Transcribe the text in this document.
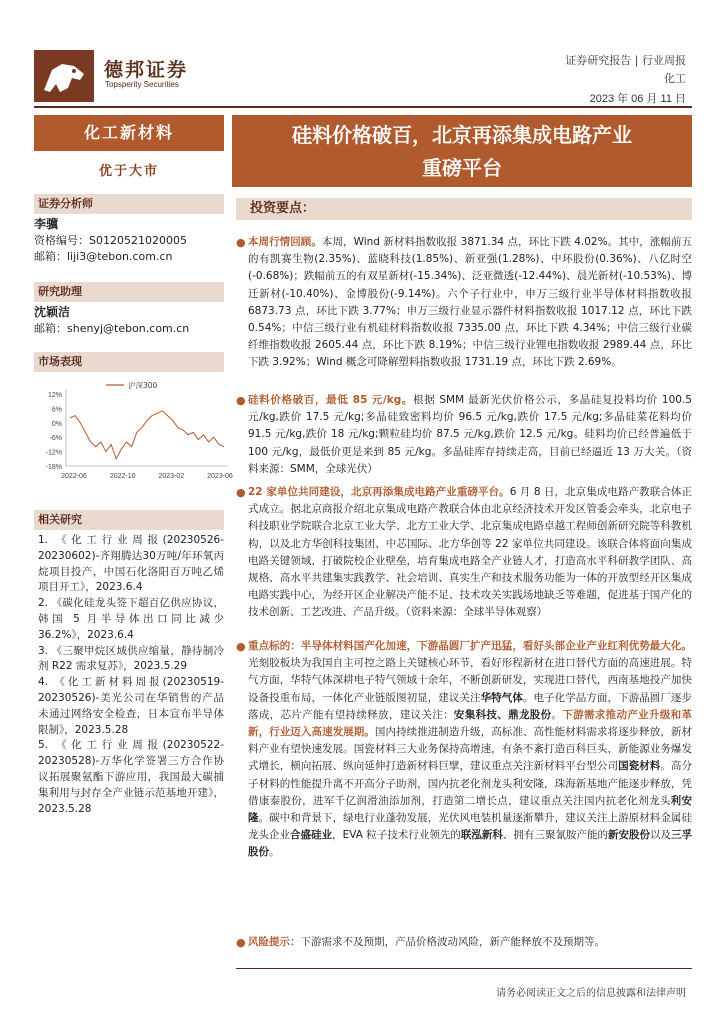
德邦证券
Topsperity Securities
证券研究报告 | 行业周报
化工
2023 年 06 月 11 日
化工新材料
优于大市
证券分析师
李骥
资格编号：S0120521020005
邮箱：liji3@tebon.com.cn
研究助理
沈颖洁
邮箱：shenyj@tebon.com.cn
市场表现
12%
6%
0%
-6%
-12%
-18%
2022-06	2022-10	2023-02	2023-06
沪深300
相关研究
1. 《化工行业周报(20230526-20230602)-齐翔腾达30万吨/年环氧丙烷项目投产，中国石化洛阳百万吨乙烯项目开工》，2023.6.4
2. 《碳化硅龙头签下超百亿供应协议，韩国 5 月半导体出口同比减少36.2%》，2023.6.4
3. 《三聚甲烷区域供应缩量，静待制冷剂 R22 需求复苏》，2023.5.29
4. 《化工新材料周报(20230519-20230526)-美光公司在华销售的产品未通过网络安全检查，日本宣布半导体限制》，2023.5.28
5. 《化工行业周报(20230522-20230528)-万华化学签署三方合作协议拓展聚氨酯下游应用，我国最大碳捕集利用与封存全产业链示范基地开建》，2023.5.28
硅料价格破百，北京再添集成电路产业
重磅平台
投资要点：
● 本周行情回顾。本周，Wind 新材料指数收报 3871.34 点，环比下跌 4.02%。其中，涨幅前五的有凯赛生物(2.35%)、蓝晓科技(1.85%)、新亚强(1.28%)、中环股份(0.36%)、八亿时空(-0.68%)；跌幅前五的有双星新材(-15.34%)、泛亚微透(-12.44%)、晨光新材(-10.53%)、博迁新材(-10.40%)、金博股份(-9.14%)。六个子行业中，申万三级行业半导体材料指数收报 6873.73 点，环比下跌 3.77%；申万三级行业显示器件材料指数收报 1017.12 点，环比下跌 0.54%；中信三级行业有机硅材料指数收报 7335.00 点，环比下跌 4.34%；中信三级行业碳纤维指数收报 2605.44 点，环比下跌 8.19%；中信三级行业锂电指数收报 2989.44 点，环比下跌 3.92%；Wind 概念可降解塑料指数收报 1731.19 点，环比下跌 2.69%。
● 硅料价格破百，最低 85 元/kg。根据 SMM 最新光伏价格公示，多晶硅复投料均价 100.5 元/kg,跌价 17.5 元/kg;多晶硅致密料均价 96.5 元/kg,跌价 17.5 元/kg;多晶硅菜花料均价 91.5 元/kg,跌价 18 元/kg;颗粒硅均价 87.5 元/kg,跌价 12.5 元/kg。硅料均价已经普遍低于 100 元/kg，最低价更是来到 85 元/kg。多晶硅库存持续走高，目前已经逼近 13 万大关。（资料来源：SMM，全球光伏）
● 22 家单位共同建设，北京再添集成电路产业重磅平台。6 月 8 日，北京集成电路产教联合体正式成立。据北京商报介绍北京集成电路产教联合体由北京经济技术开发区管委会牵头，北京电子科技职业学院联合北京工业大学、北方工业大学、北京集成电路卓越工程师创新研究院等科教机构，以及北方华创科技集团、中芯国际、北方华创等 22 家单位共同建设。该联合体将面向集成电路关键领域，打破院校企业壁垒，培育集成电路全产业链人才，打造高水平科研教学团队、高规格、高水平共建集实践教学、社会培训、真实生产和技术服务功能为一体的开放型经开区集成电路实践中心，为经开区企业解决产能不足、技术攻关实践场地缺乏等难题，促进基于国产化的技术创新、工艺改进、产品升级。（资料来源：全球半导体观察）
● 重点标的：半导体材料国产化加速，下游晶圆厂扩产迅猛，看好头部企业产业红利优势最大化。光刻胶板块为我国自主可控之路上关键核心环节，看好形程新材在进口替代方面的高速进展。特气方面，华特气体深耕电子特气领域十余年，不断创新研发，实现进口替代，西南基地投产加快设备投重布局，一体化产业链版图初显，建议关注华特气体。电子化学品方面，下游晶圆厂逐步落成，芯片产能有望持续释放，建议关注：安集科技、鼎龙股份。下游需求推动产业升级和革新，行业迈入高速发展期。国内持续推进制造升级，高标准、高性能材料需求将逐步释放，新材料产业有望快速发展。国瓷材料三大业务保持高增速，有条不紊打造百科巨头，新能源业务爆发式增长，横向拓展、纵向延伸打造新材料巨擘，建议重点关注新材料平台型公司国瓷材料。高分子材料的性能提升离不开高分子助剂，国内抗老化剂龙头利安隆，珠海新基地产能逐步释放，凭借康泰股份，进军千亿润滑油添加剂，打造第二增长点，建议重点关注国内抗老化剂龙头利安隆。碳中和背景下，绿电行业蓬勃发展，光伏风电装机量逐渐攀升，建议关注上游原材料金属硅龙头企业合盛硅业，EVA 粒子技术行业领先的联泓新科、拥有三聚氰胺产能的新安股份以及三孚股份。
● 风险提示：下游需求不及预期，产品价格波动风险，新产能释放不及预期等。
请务必阅读正文之后的信息披露和法律声明
